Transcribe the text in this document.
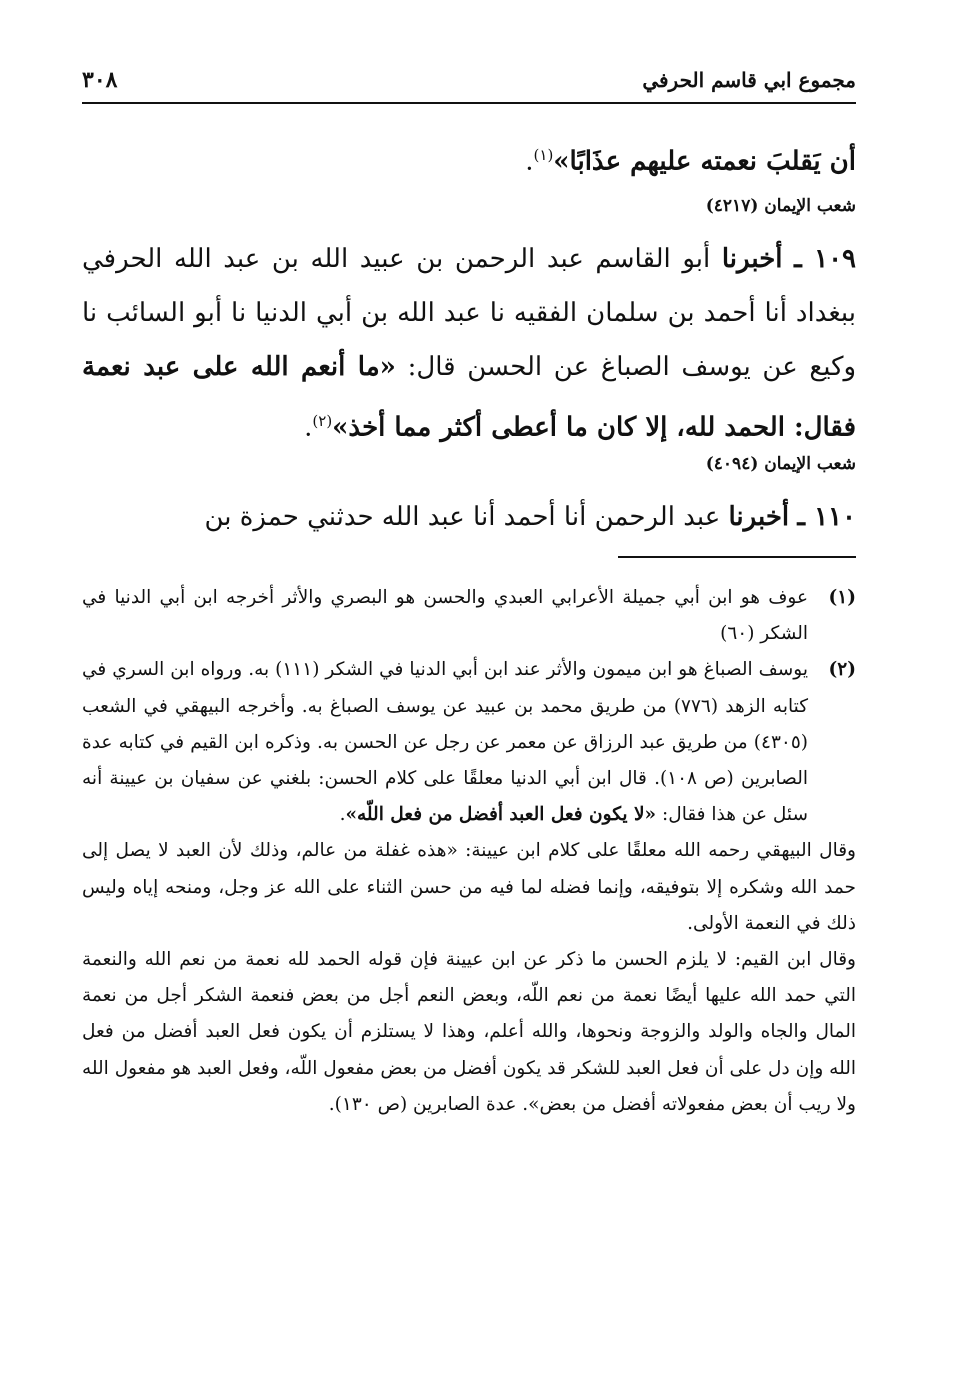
مجموع ابي قاسم الحرفي
٣٠٨
أن يَقلبَ نعمته عليهم عذَابًا»$^{(١)}$.
شعب الإيمان (٤٢١٧)
١٠٩ ـ أخبرنا أبو القاسم عبد الرحمن بن عبيد الله بن عبد الله الحرفي ببغداد أنا أحمد بن سلمان الفقيه نا عبد الله بن أبي الدنيا نا أبو السائب نا وكيع عن يوسف الصباغ عن الحسن قال: «ما أنعم الله على عبد نعمة فقال: الحمد لله، إلا كان ما أعطى أكثر مما أخذ»$^{(٢)}$.
شعب الإيمان (٤٠٩٤)
١١٠ ـ أخبرنا عبد الرحمن أنا أحمد أنا عبد الله حدثني حمزة بن
(١)

عوف هو ابن أبي جميلة الأعرابي العبدي والحسن هو البصري والأثر أخرجه ابن أبي الدنيا في الشكر (٦٠)

(٢)

يوسف الصباغ هو ابن ميمون والأثر عند ابن أبي الدنيا في الشكر (١١١) به. ورواه ابن السري في كتابه الزهد (٧٧٦) من طريق محمد بن عبيد عن يوسف الصباغ به. وأخرجه البيهقي في الشعب (٤٣٠٥) من طريق عبد الرزاق عن معمر عن رجل عن الحسن به. وذكره ابن القيم في كتابه عدة الصابرين (ص ١٠٨). قال ابن أبي الدنيا معلقًا على كلام الحسن: بلغني عن سفيان بن عيينة أنه سئل عن هذا فقال: «لا يكون فعل العبد أفضل من فعل اللّه».

وقال البيهقي رحمه الله معلقًا على كلام ابن عيينة: «هذه غفلة من عالم، وذلك لأن العبد لا يصل إلى حمد الله وشكره إلا بتوفيقه، وإنما فضله لما فيه من حسن الثناء على الله عز وجل، ومنحه إياه وليس ذلك في النعمة الأولى.

وقال ابن القيم: لا يلزم الحسن ما ذكر عن ابن عيينة فإن قوله الحمد لله نعمة من نعم الله والنعمة التي حمد الله عليها أيضًا نعمة من نعم اللّه، وبعض النعم أجل من بعض فنعمة الشكر أجل من نعمة المال والجاه والولد والزوجة ونحوها، والله أعلم، وهذا لا يستلزم أن يكون فعل العبد أفضل من فعل الله وإن دل على أن فعل العبد للشكر قد يكون أفضل من بعض مفعول اللّه، وفعل العبد هو مفعول الله ولا ريب أن بعض مفعولاته أفضل من بعض». عدة الصابرين (ص ١٣٠).
